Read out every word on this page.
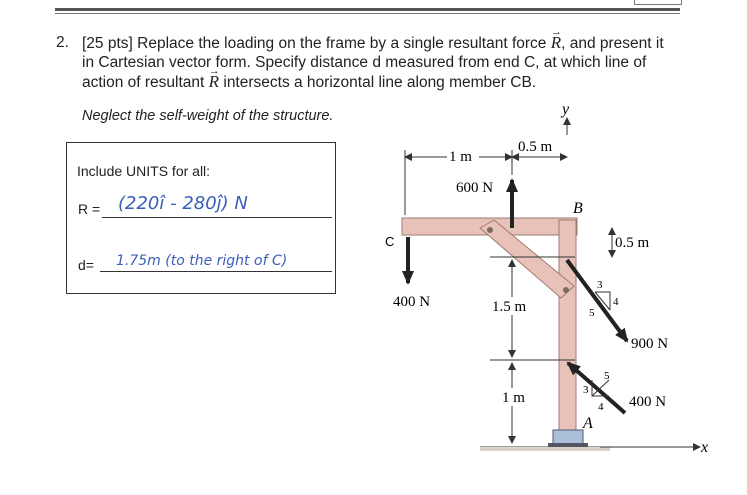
2. [25 pts] Replace the loading on the frame by a single resultant force → R, and present it
in Cartesian vector form. Specify distance d measured from end C, at which line of
action of resultant → R intersects a horizontal line along member CB.
Neglect the self-weight of the structure.
Include UNITS for all:
R = (220î - 280ĵ) N
d= 1.75m (to the right of C)
x
y
1 m
0.5 m
600 N
B
C
400 N
0.5 m
1.5 m
1 m
900 N
3
4
5
400 N
3
4
5
A
